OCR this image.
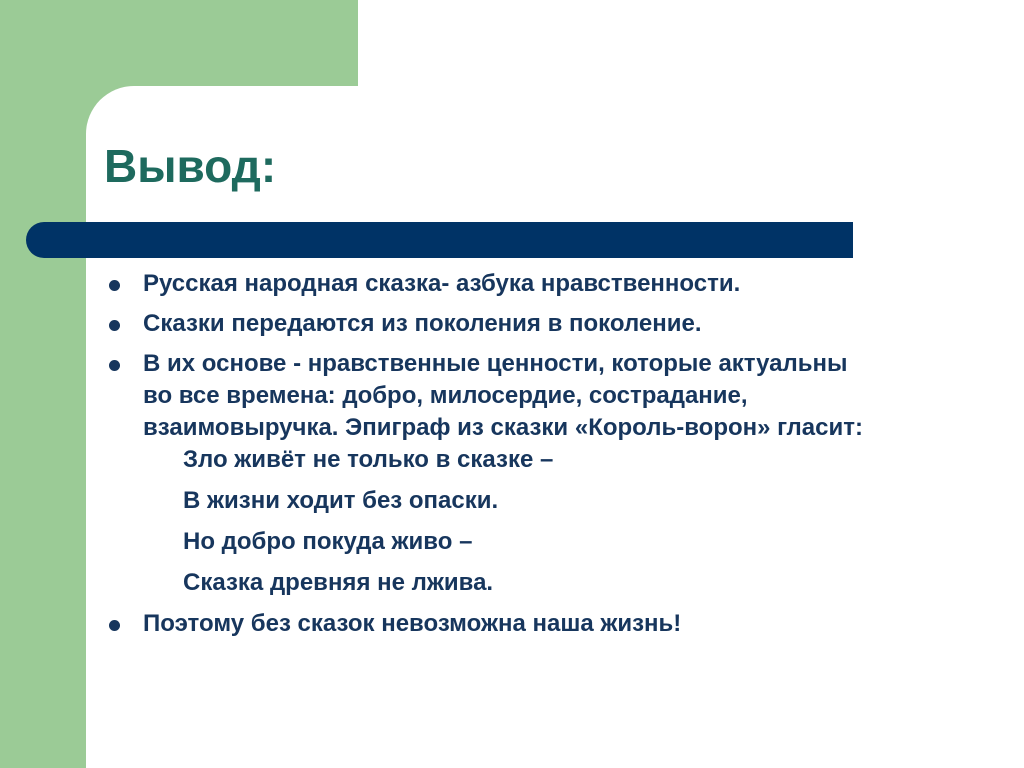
Вывод:
Русская народная сказка- азбука нравственности.
Сказки передаются из поколения в поколение.
В их основе - нравственные ценности, которые актуальны во все времена: добро, милосердие, сострадание, взаимовыручка. Эпиграф из сказки «Король-ворон» гласит:
Зло живёт не только в сказке –
В жизни ходит без опаски.
Но добро покуда живо –
Сказка древняя не лжива.
Поэтому без сказок невозможна наша жизнь!
